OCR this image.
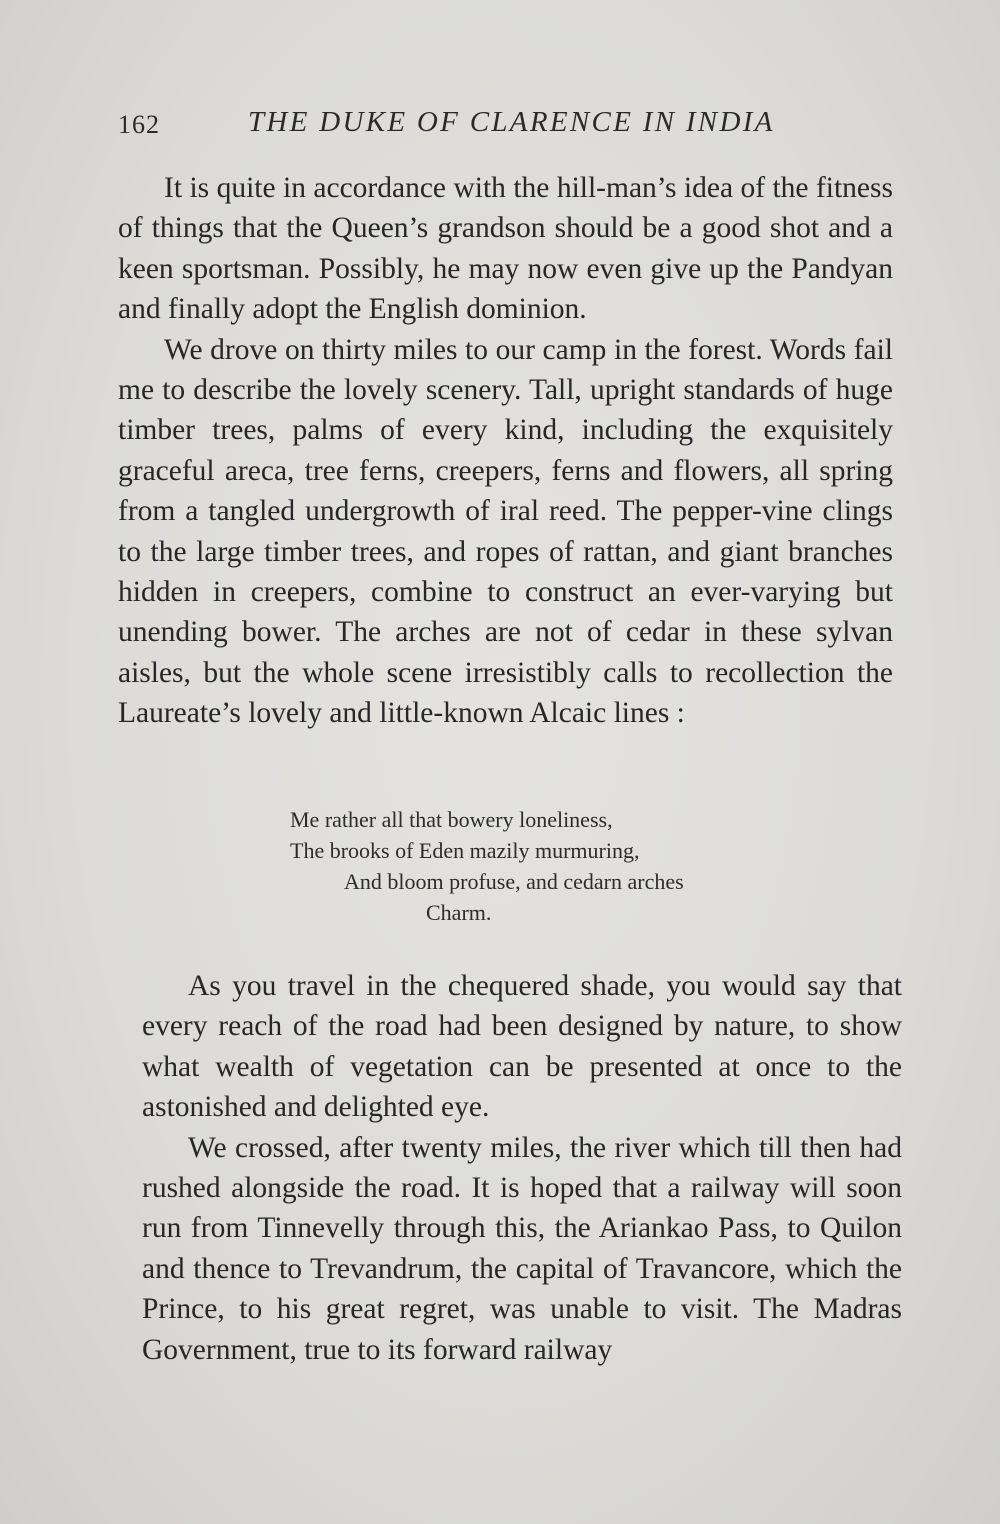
162	THE DUKE OF CLARENCE IN INDIA

It is quite in accordance with the hill-man’s idea of the fitness of things that the Queen’s grandson should be a good shot and a keen sportsman. Possibly, he may now even give up the Pandyan and finally adopt the English dominion.

We drove on thirty miles to our camp in the forest. Words fail me to describe the lovely scenery. Tall, upright standards of huge timber trees, palms of every kind, including the exquisitely graceful areca, tree ferns, creepers, ferns and flowers, all spring from a tangled undergrowth of iral reed. The pepper-vine clings to the large timber trees, and ropes of rattan, and giant branches hidden in creepers, combine to construct an ever-varying but unending bower. The arches are not of cedar in these sylvan aisles, but the whole scene irresistibly calls to recollection the Laureate’s lovely and little-known Alcaic lines :

Me rather all that bowery loneliness,
The brooks of Eden mazily murmuring,
And bloom profuse, and cedarn arches
Charm.

As you travel in the chequered shade, you would say that every reach of the road had been designed by nature, to show what wealth of vegetation can be presented at once to the astonished and delighted eye.

We crossed, after twenty miles, the river which till then had rushed alongside the road. It is hoped that a railway will soon run from Tinnevelly through this, the Ariankao Pass, to Quilon and thence to Trevandrum, the capital of Travancore, which the Prince, to his great regret, was unable to visit. The Madras Government, true to its forward railway
